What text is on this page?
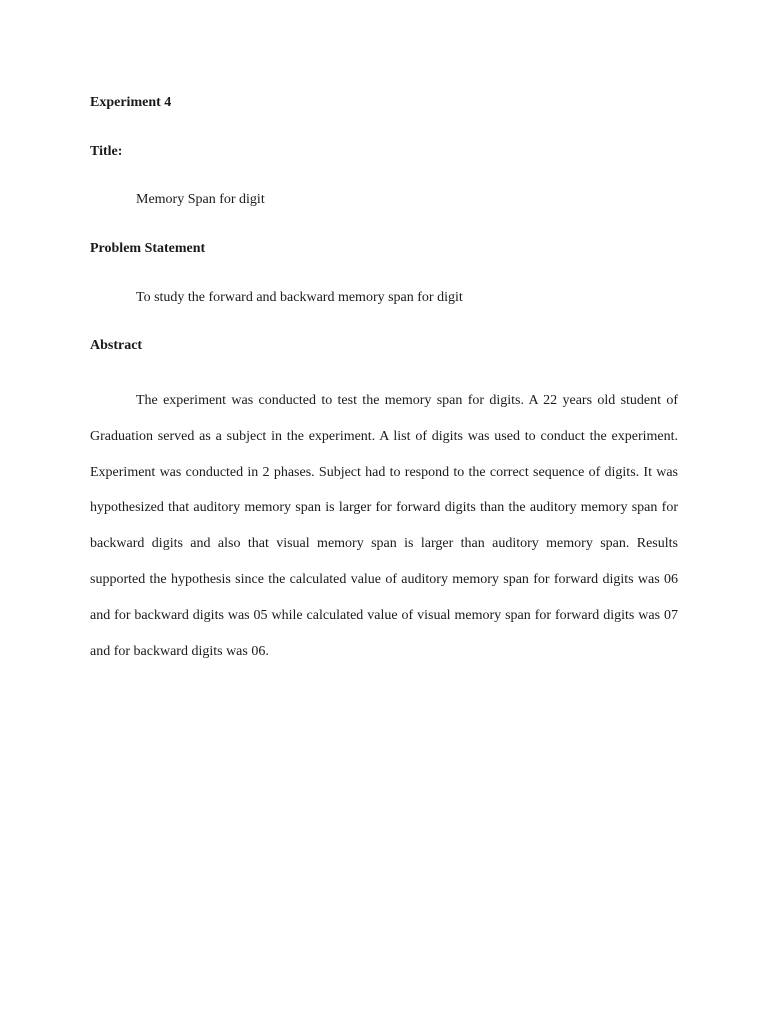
Experiment 4

Title:

Memory Span for digit

Problem Statement

To study the forward and backward memory span for digit

Abstract

The experiment was conducted to test the memory span for digits. A 22 years old student of Graduation served as a subject in the experiment. A list of digits was used to conduct the experiment. Experiment was conducted in 2 phases. Subject had to respond to the correct sequence of digits. It was hypothesized that auditory memory span is larger for forward digits than the auditory memory span for backward digits and also that visual memory span is larger than auditory memory span. Results supported the hypothesis since the calculated value of auditory memory span for forward digits was 06 and for backward digits was 05 while calculated value of visual memory span for forward digits was 07 and for backward digits was 06.
